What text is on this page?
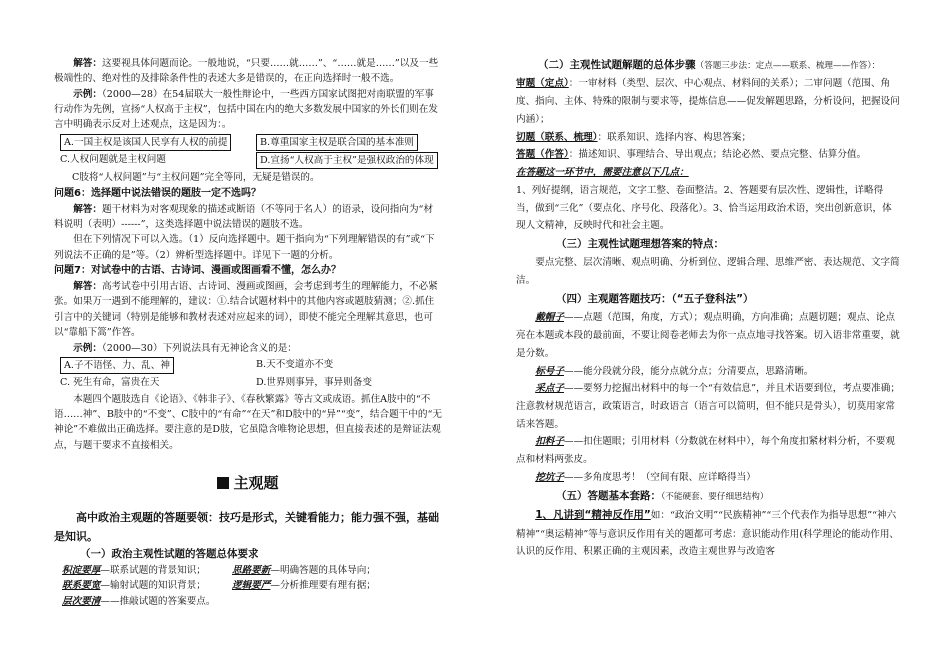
解答：这要视具体问题而论。一般地说，“只要……就……”、“……就是……”以及一些极端性的、绝对性的及排除条件性的表述大多是错误的，在正向选择时一般不选。

示例：（2000—28）在54届联大一般性辩论中，一些西方国家试图把对南联盟的军事行动作为先例，宣扬“人权高于主权”，包括中国在内的绝大多数发展中国家的外长们则在发言中明确表示反对上述观点，这是因为：。

A.一国主权是该国人民享有人权的前提	B.尊重国家主权是联合国的基本准则
C.人权问题就是主权问题	D.宣扬“人权高于主权”是强权政治的体现

C肢将“人权问题”与“主权问题”完全等同，无疑是错误的。

问题6：选择题中说法错误的题肢一定不选吗？

解答：题干材料为对客观现象的描述或断语（不等同于名人）的语录，设问指向为“材料说明（表明）------”，这类选择题中说法错误的题肢不选。

但在下列情况下可以入选。（1）反向选择题中。题干指向为“下列理解错误的有”或“下列说法不正确的是”等。（2）辨析型选择题中。详见下一题的分析。

问题7：对试卷中的古语、古诗词、漫画或图画看不懂，怎么办？

解答：高考试卷中引用古语、古诗词、漫画或图画，会考虑到考生的理解能力，不必紧张。如果万一遇到不能理解的，建议：①.结合试题材料中的其他内容或题肢猜测；②.抓住引言中的关键词（特别是能够和教材表述对应起来的词），即使不能完全理解其意思，也可以“靠船下篙”作答。

示例：（2000—30）下列说法具有无神论含义的是：

A.子不语怪、力、乱、神	B.天不变道亦不变
C. 死生有命，富贵在天	D.世界则事异，事异则备变

本题四个题肢选自《论语》、《韩非子》、《春秋繁露》等古文或成语。抓住A肢中的“不语……神”、B肢中的“不变”、C肢中的“有命”“在天”和D肢中的“异”“变”，结合题干中的“无神论”不难做出正确选择。要注意的是D肢，它虽隐含唯物论思想，但直接表述的是辩证法观点，与题干要求不直接相关。

主观题

高中政治主观题的答题要领：技巧是形式，关键看能力；能力强不强，基础是知识。

（一）政治主观性试题的答题总体要求

积淀要厚—联系试题的背景知识；	思路要新—明确答题的具体导向；
联系要宽—输射试题的知识背景；	逻辑要严—分析推理要有理有据；
层次要清——推敲试题的答案要点。

（二）主观性试题解题的总体步骤（答题三步法：定点——联系、梳理——作答）：

审题（定点）：一审材料（类型、层次、中心观点、材料间的关系）；二审问题（范围、角度、指向、主体、特殊的限制与要求等，提炼信息——促发解题思路，分析设问，把握设问内涵）；

切题（联系、梳理）：联系知识、选择内容、构思答案；

答题（作答）：描述知识、事理结合、导出观点；结论必然、要点完整、估算分值。

在答题这一环节中，需要注意以下几点：

1、列好提纲，语言规范，文字工整、卷面整洁。2、答题要有层次性、逻辑性，详略得当，做到“三化”（要点化、序号化、段落化）。3、恰当运用政治术语，突出创新意识，体现人文精神，反映时代和社会主题。

（三）主观性试题理想答案的特点：

要点完整、层次清晰、观点明确、分析到位、逻辑合理、思维严密、表达规范、文字简洁。

（四）主观题答题技巧：（“五子登科法”）

戴帽子——点题（范围，角度，方式）；观点明确，方向准确；点题切题；观点、论点亮在本题或本段的最前面，不要让阅卷老师去为你一点点地寻找答案。切入语非常重要，就是分数。

标号子——能分段就分段，能分点就分点；分清要点，思路清晰。

采点子——要努力挖掘出材料中的每一个“有效信息”，并且术语要到位，考点要准确；注意教材规范语言，政策语言，时政语言（语言可以简明，但不能只是骨头），切莫用家常话来答题。

扣料子——扣住题眼；引用材料（分数就在材料中），每个角度扣紧材料分析，不要观点和材料两张皮。

挖坑子——多角度思考！（空间有限、应详略得当）

（五）答题基本套路：（不能硬套、要仔细思结构）

1、凡讲到“精神反作用”如：“政治文明”“民族精神”“三个代表作为指导思想”“神六精神”“奥运精神”等与意识反作用有关的题都可考虑：意识能动作用(科学理论的能动作用、认识的反作用、积累正确的主观因素，改造主观世界与改造客
